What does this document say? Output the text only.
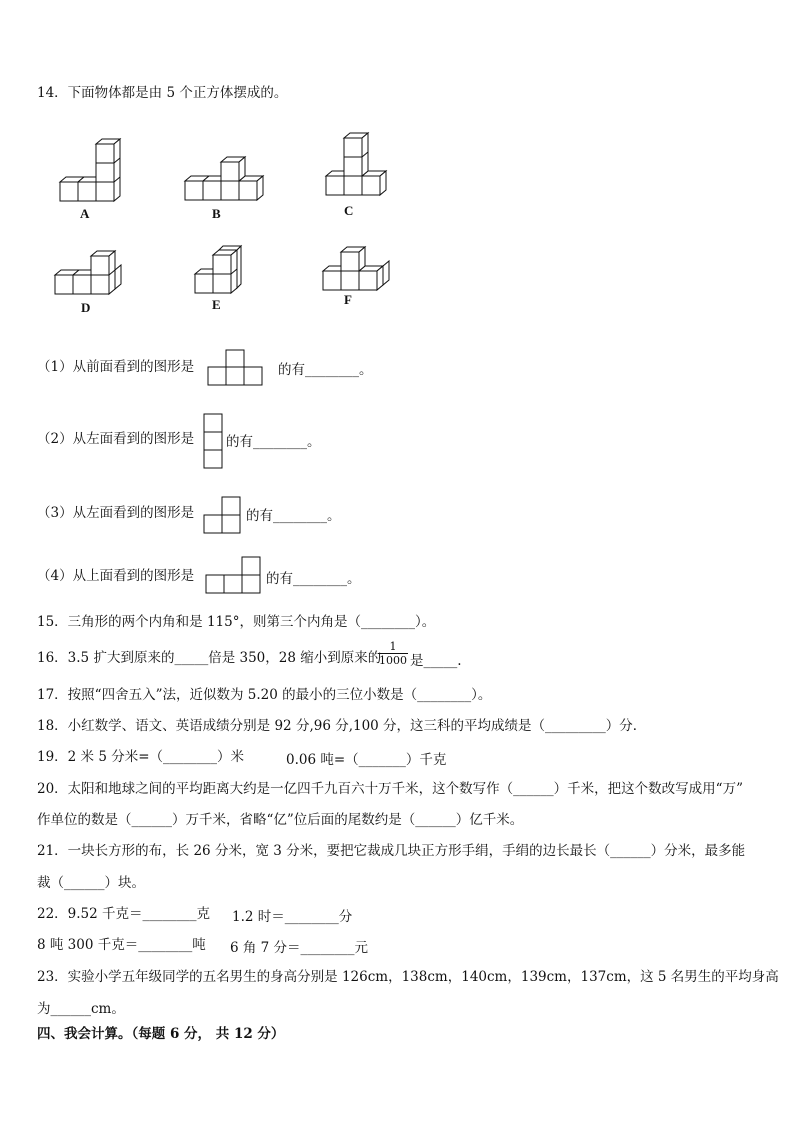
14．下面物体都是由 5 个正方体摆成的。
A	B	C
D	E	F
（1）从前面看到的图形是	的有________。
（2）从左面看到的图形是 的有________。
（3）从左面看到的图形是	的有________。
（4）从上面看到的图形是	的有________。
15．三角形的两个内角和是 115°，则第三个内角是（________）。
16．3.5 扩大到原来的_____倍是 350，28 缩小到原来的
$\frac{1}{1000}$ 是_____.
17．按照“四舍五入”法，近似数为 5.20 的最小的三位小数是（________）。
18．小红数学、语文、英语成绩分别是 92 分,96 分,100 分，这三科的平均成绩是（_________）分．
19．2 米 5 分米=（________）米	0.06 吨=（_______）千克
20．太阳和地球之间的平均距离大约是一亿四千九百六十万千米，这个数写作（______）千米，把这个数改写成用“万”
作单位的数是（______）万千米，省略“亿”位后面的尾数约是（______）亿千米。
21．一块长方形的布，长 26 分米，宽 3 分米，要把它裁成几块正方形手绢，手绢的边长最长（______）分米，最多能
裁（______）块。
22．9.52 千克＝________克 1.2 时＝________分
8 吨 300 千克＝________吨 6 角 7 分＝________元
23．实验小学五年级同学的五名男生的身高分别是 126cm，138cm，140cm，139cm，137cm，这 5 名男生的平均身高
为______cm。
四、我会计算。（每题 6 分， 共 12 分）
